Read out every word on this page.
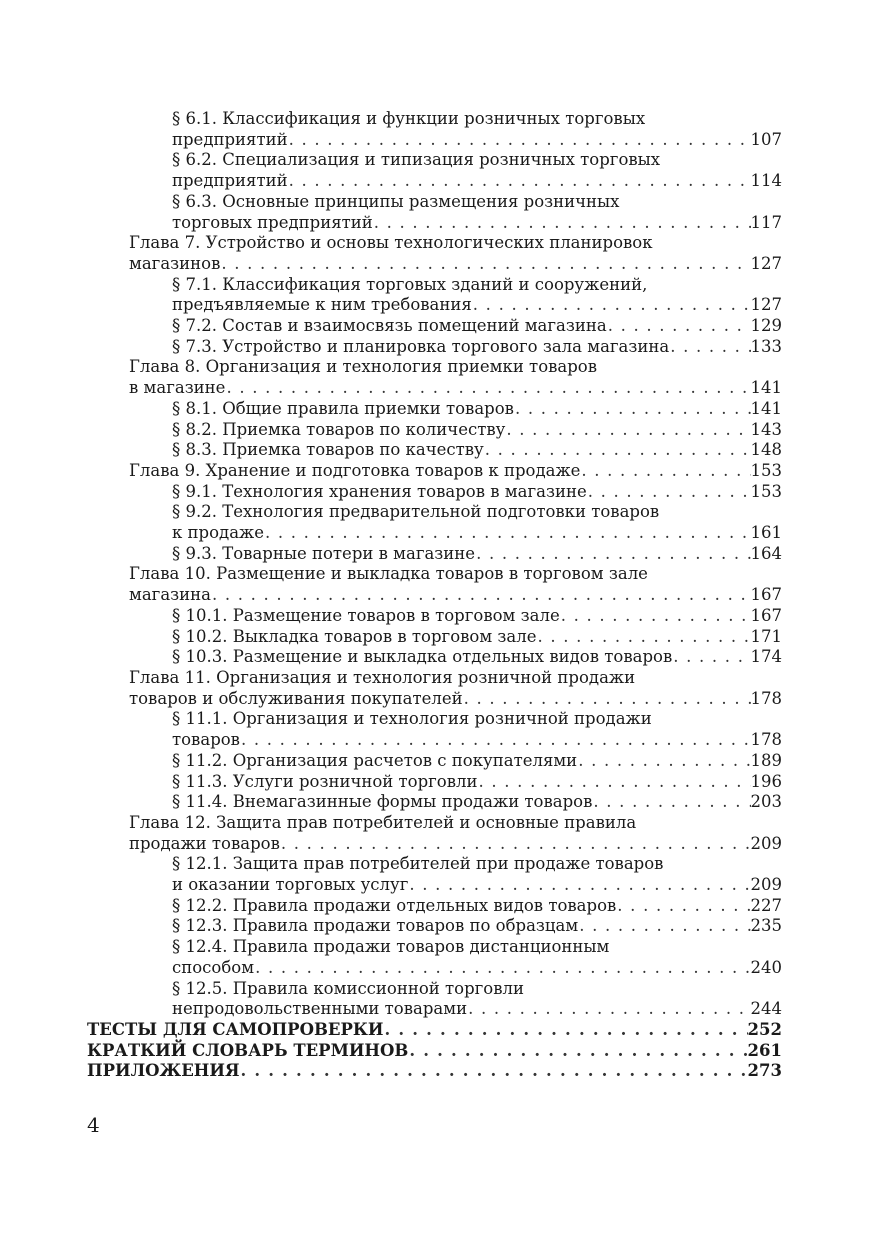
§ 6.1. Классификация и функции розничных торговых
предприятий . . .	107
§ 6.2. Специализация и типизация розничных торговых
предприятий . . .	114
§ 6.3. Основные принципы размещения розничных
торговых предприятий . . .	117
Глава 7. Устройство и основы технологических планировок
магазинов . . .	127
§ 7.1. Классификация торговых зданий и сооружений,
предъявляемые к ним требования . . .	127
§ 7.2. Состав и взаимосвязь помещений магазина . . .	129
§ 7.3. Устройство и планировка торгового зала магазина . . .	133
Глава 8. Организация и технология приемки товаров
в магазине . . .	141
§ 8.1. Общие правила приемки товаров . . .	141
§ 8.2. Приемка товаров по количеству . . .	143
§ 8.3. Приемка товаров по качеству . . .	148
Глава 9. Хранение и подготовка товаров к продаже . . .	153
§ 9.1. Технология хранения товаров в магазине . . .	153
§ 9.2. Технология предварительной подготовки товаров
к продаже . . .	161
§ 9.3. Товарные потери в магазине . . .	164
Глава 10. Размещение и выкладка товаров в торговом зале
магазина . . .	167
§ 10.1. Размещение товаров в торговом зале . . .	167
§ 10.2. Выкладка товаров в торговом зале . . .	171
§ 10.3. Размещение и выкладка отдельных видов товаров . . .	174
Глава 11. Организация и технология розничной продажи
товаров и обслуживания покупателей . . .	178
§ 11.1. Организация и технология розничной продажи
товаров . . .	178
§ 11.2. Организация расчетов с покупателями . . .	189
§ 11.3. Услуги розничной торговли . . .	196
§ 11.4. Внемагазинные формы продажи товаров . . .	203
Глава 12. Защита прав потребителей и основные правила
продажи товаров . . .	209
§ 12.1. Защита прав потребителей при продаже товаров
и оказании торговых услуг . . .	209
§ 12.2. Правила продажи отдельных видов товаров . . .	227
§ 12.3. Правила продажи товаров по образцам . . .	235
§ 12.4. Правила продажи товаров дистанционным
способом . . .	240
§ 12.5. Правила комиссионной торговли
непродовольственными товарами . . .	244
ТЕСТЫ ДЛЯ САМОПРОВЕРКИ . . .	252
КРАТКИЙ СЛОВАРЬ ТЕРМИНОВ . . .	261
ПРИЛОЖЕНИЯ . . .	273
4
